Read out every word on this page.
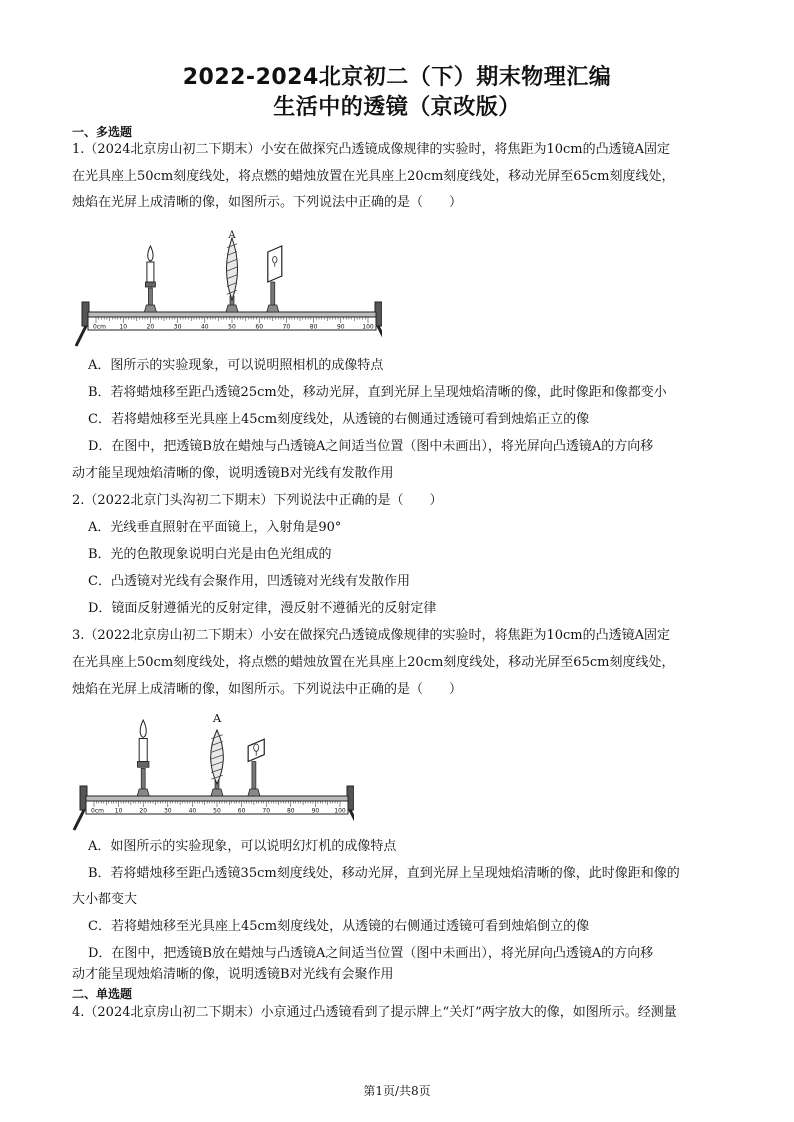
2022-2024北京初二（下）期末物理汇编
生活中的透镜（京改版）
一、多选题
1.（2024北京房山初二下期末）小安在做探究凸透镜成像规律的实验时，将焦距为10cm的凸透镜A固定
在光具座上50cm刻度线处，将点燃的蜡烛放置在光具座上20cm刻度线处，移动光屏至65cm刻度线处，
烛焰在光屏上成清晰的像，如图所示。下列说法中正确的是（　　）
0cm 10	20	30	40	50	60	70	80	90	100
A
A．图所示的实验现象，可以说明照相机的成像特点
B．若将蜡烛移至距凸透镜25cm处，移动光屏，直到光屏上呈现烛焰清晰的像，此时像距和像都变小
C．若将蜡烛移至光具座上45cm刻度线处，从透镜的右侧通过透镜可看到烛焰正立的像
D．在图中，把透镜B放在蜡烛与凸透镜A之间适当位置（图中未画出），将光屏向凸透镜A的方向移
动才能呈现烛焰清晰的像，说明透镜B对光线有发散作用
2.（2022北京门头沟初二下期末）下列说法中正确的是（　　）
A．光线垂直照射在平面镜上，入射角是90°
B．光的色散现象说明白光是由色光组成的
C．凸透镜对光线有会聚作用，凹透镜对光线有发散作用
D．镜面反射遵循光的反射定律，漫反射不遵循光的反射定律
3.（2022北京房山初二下期末）小安在做探究凸透镜成像规律的实验时，将焦距为10cm的凸透镜A固定
在光具座上50cm刻度线处，将点燃的蜡烛放置在光具座上20cm刻度线处，移动光屏至65cm刻度线处，
烛焰在光屏上成清晰的像，如图所示。下列说法中正确的是（　　）
0cm 10	20	30	40	50	60	70	80	90	100
A
A．如图所示的实验现象，可以说明幻灯机的成像特点
B．若将蜡烛移至距凸透镜35cm刻度线处，移动光屏，直到光屏上呈现烛焰清晰的像，此时像距和像的
大小都变大
C．若将蜡烛移至光具座上45cm刻度线处，从透镜的右侧通过透镜可看到烛焰倒立的像
D．在图中，把透镜B放在蜡烛与凸透镜A之间适当位置（图中未画出），将光屏向凸透镜A的方向移
动才能呈现烛焰清晰的像，说明透镜B对光线有会聚作用
二、单选题
4.（2024北京房山初二下期末）小京通过凸透镜看到了提示牌上“关灯”两字放大的像，如图所示。经测量
第1页/共8页
